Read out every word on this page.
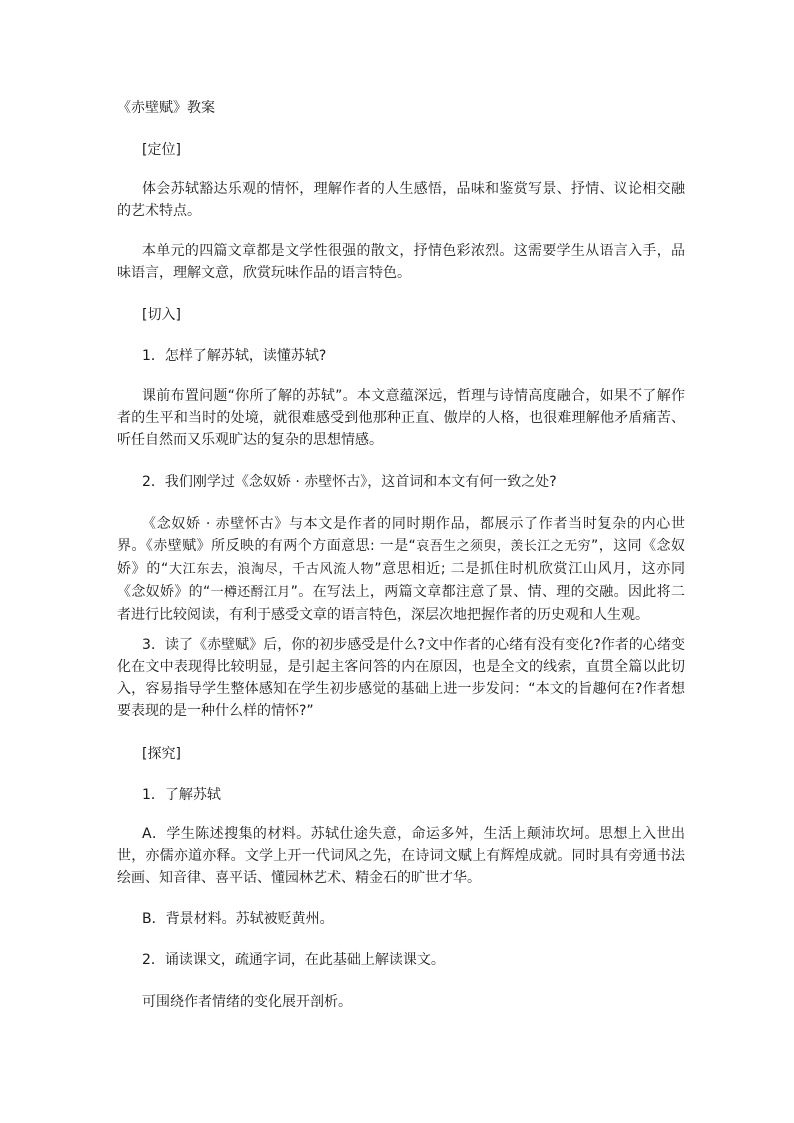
《赤壁赋》教案

[定位]

体会苏轼豁达乐观的情怀，理解作者的人生感悟，品味和鉴赏写景、抒情、议论相交融的艺术特点。

本单元的四篇文章都是文学性很强的散文，抒情色彩浓烈。这需要学生从语言入手，品味语言，理解文意，欣赏玩味作品的语言特色。

[切入]

1．怎样了解苏轼，读懂苏轼?

课前布置问题“你所了解的苏轼”。本文意蕴深远，哲理与诗情高度融合，如果不了解作者的生平和当时的处境，就很难感受到他那种正直、傲岸的人格，也很难理解他矛盾痛苦、听任自然而又乐观旷达的复杂的思想情感。

2．我们刚学过《念奴娇 · 赤壁怀古》，这首词和本文有何一致之处?

《念奴娇 · 赤壁怀古》与本文是作者的同时期作品，都展示了作者当时复杂的内心世界。《赤壁赋》所反映的有两个方面意思: 一是“哀吾生之须臾，羡长江之无穷”，这同《念奴娇》的“大江东去，浪淘尽，千古风流人物”意思相近; 二是抓住时机欣赏江山风月，这亦同《念奴娇》的“一樽还酹江月”。在写法上，两篇文章都注意了景、情、理的交融。因此将二者进行比较阅读，有利于感受文章的语言特色，深层次地把握作者的历史观和人生观。

3．读了《赤壁赋》后，你的初步感受是什么?文中作者的心绪有没有变化?作者的心绪变化在文中表现得比较明显，是引起主客问答的内在原因，也是全文的线索，直贯全篇以此切入，容易指导学生整体感知在学生初步感觉的基础上进一步发问：“本文的旨趣何在?作者想要表现的是一种什么样的情怀?”

[探究]

1．了解苏轼

A．学生陈述搜集的材料。苏轼仕途失意，命运多舛，生活上颠沛坎坷。思想上入世出世，亦儒亦道亦释。文学上开一代词风之先，在诗词文赋上有辉煌成就。同时具有旁通书法绘画、知音律、喜平话、懂园林艺术、精金石的旷世才华。

B．背景材料。苏轼被贬黄州。

2．诵读课文，疏通字词，在此基础上解读课文。

可围绕作者情绪的变化展开剖析。
